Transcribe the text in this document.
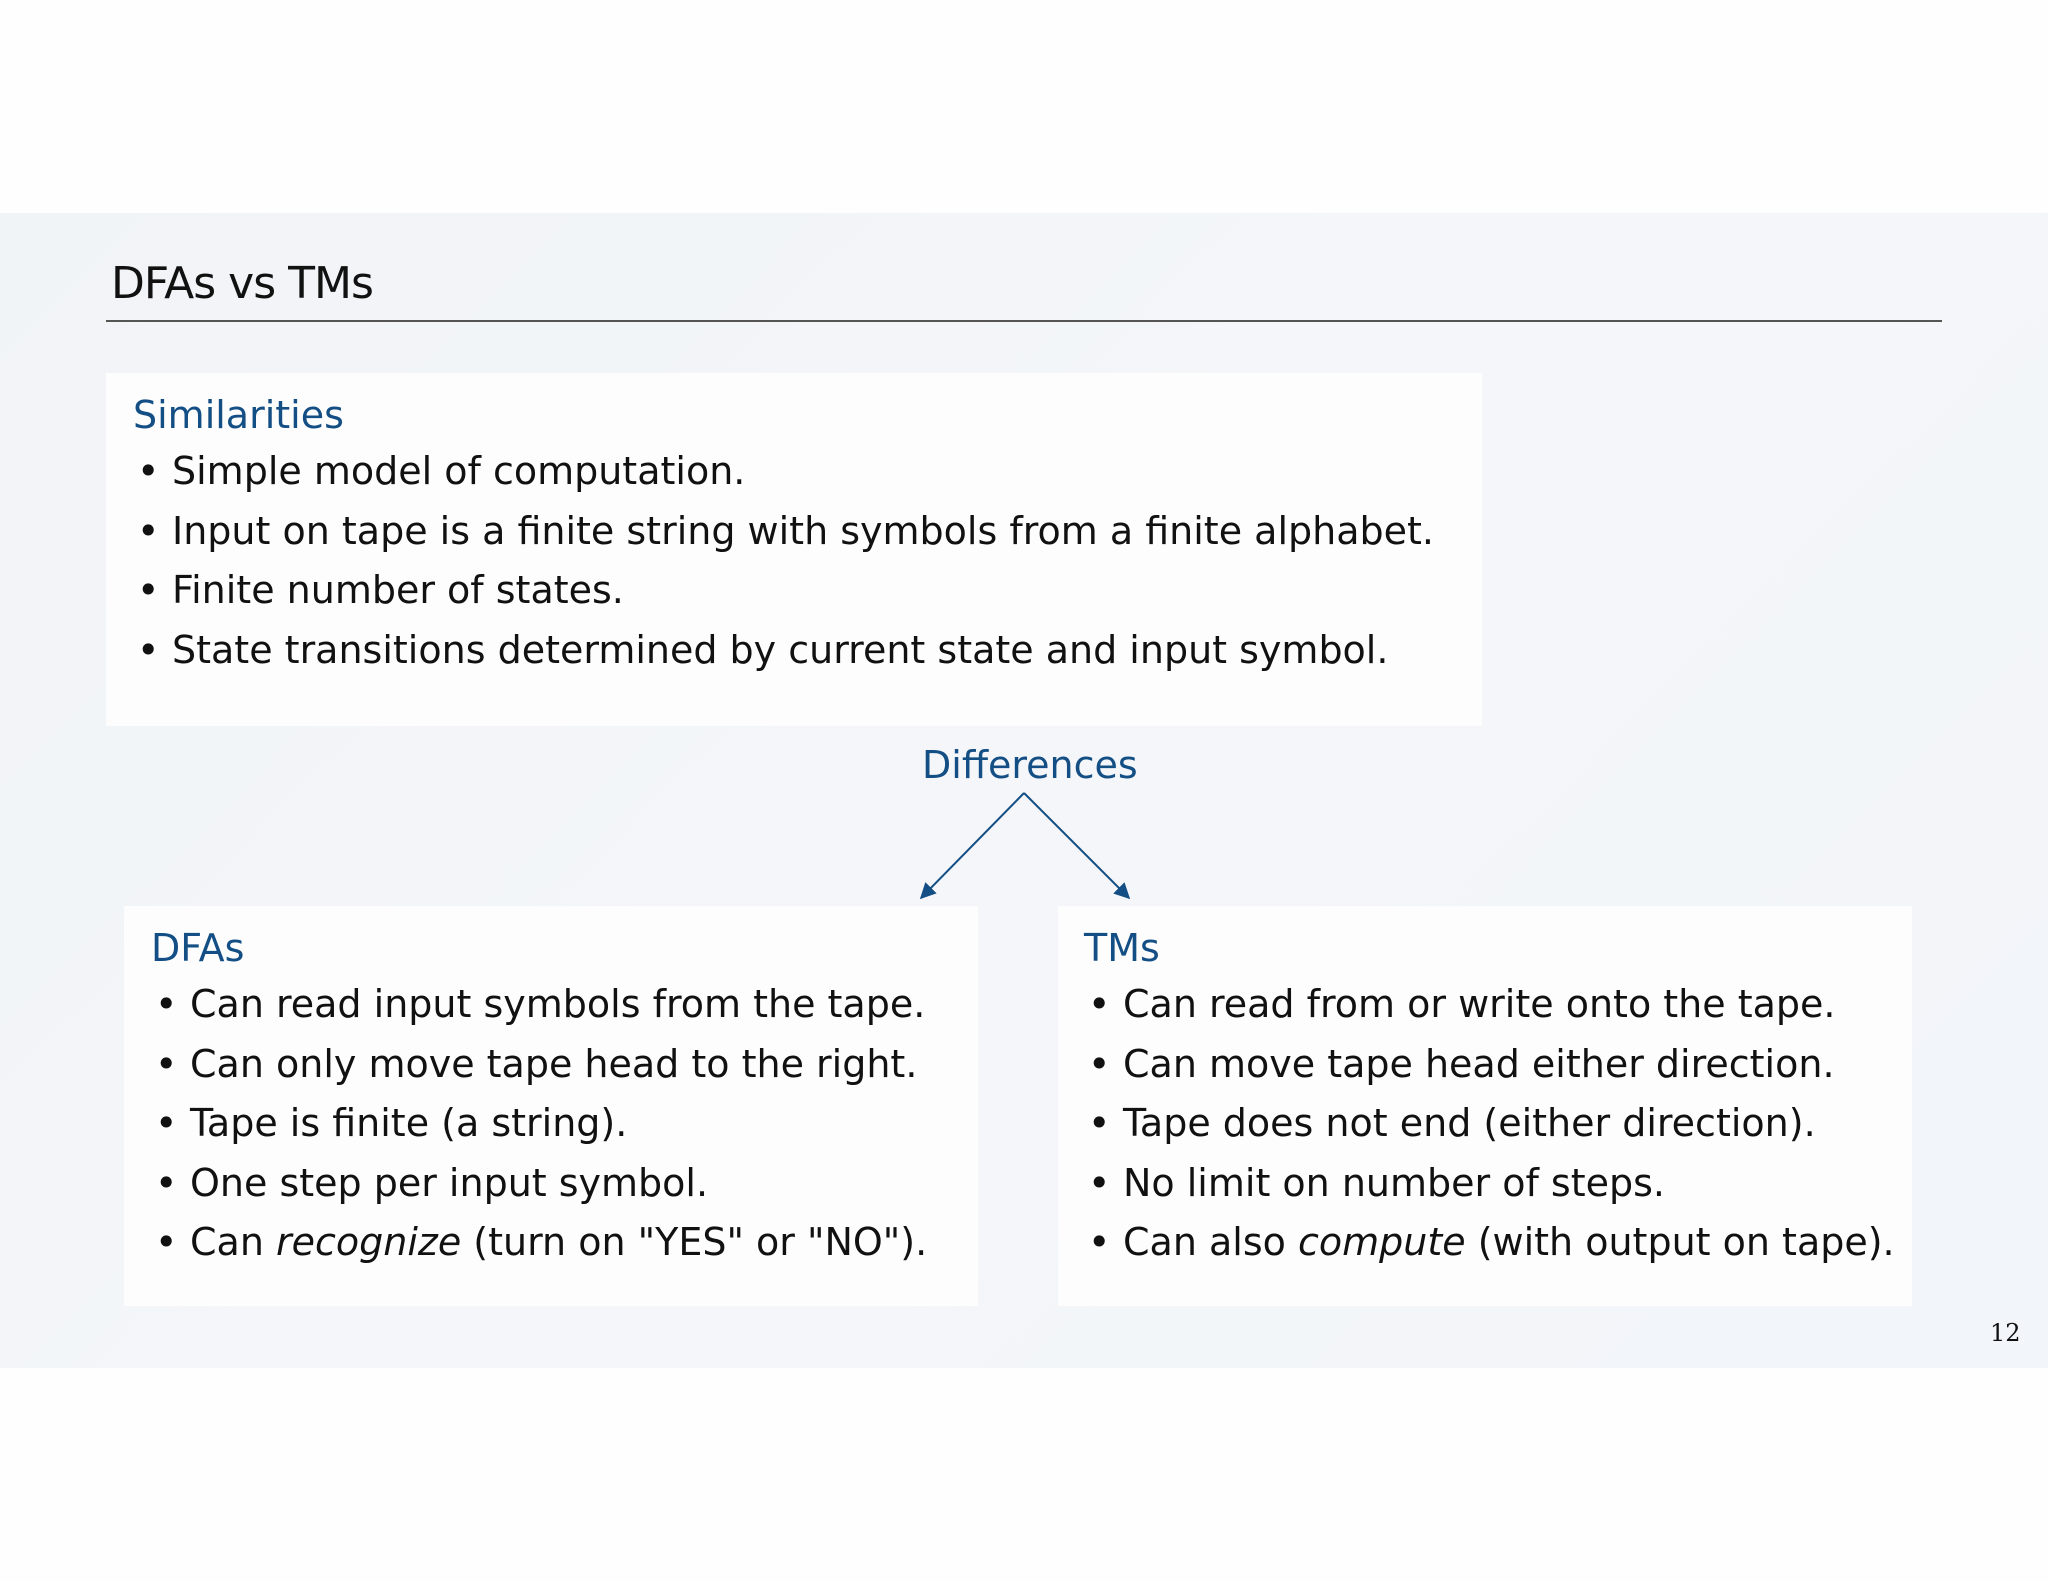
DFAs vs TMs
Similarities
• Simple model of computation.
• Input on tape is a finite string with symbols from a finite alphabet.
• Finite number of states.
• State transitions determined by current state and input symbol.
Differences
DFAs
• Can read input symbols from the tape.
• Can only move tape head to the right.
• Tape is finite (a string).
• One step per input symbol.
• Can recognize (turn on "YES" or "NO").
TMs
• Can read from or write onto the tape.
• Can move tape head either direction.
• Tape does not end (either direction).
• No limit on number of steps.
• Can also compute (with output on tape).
12
